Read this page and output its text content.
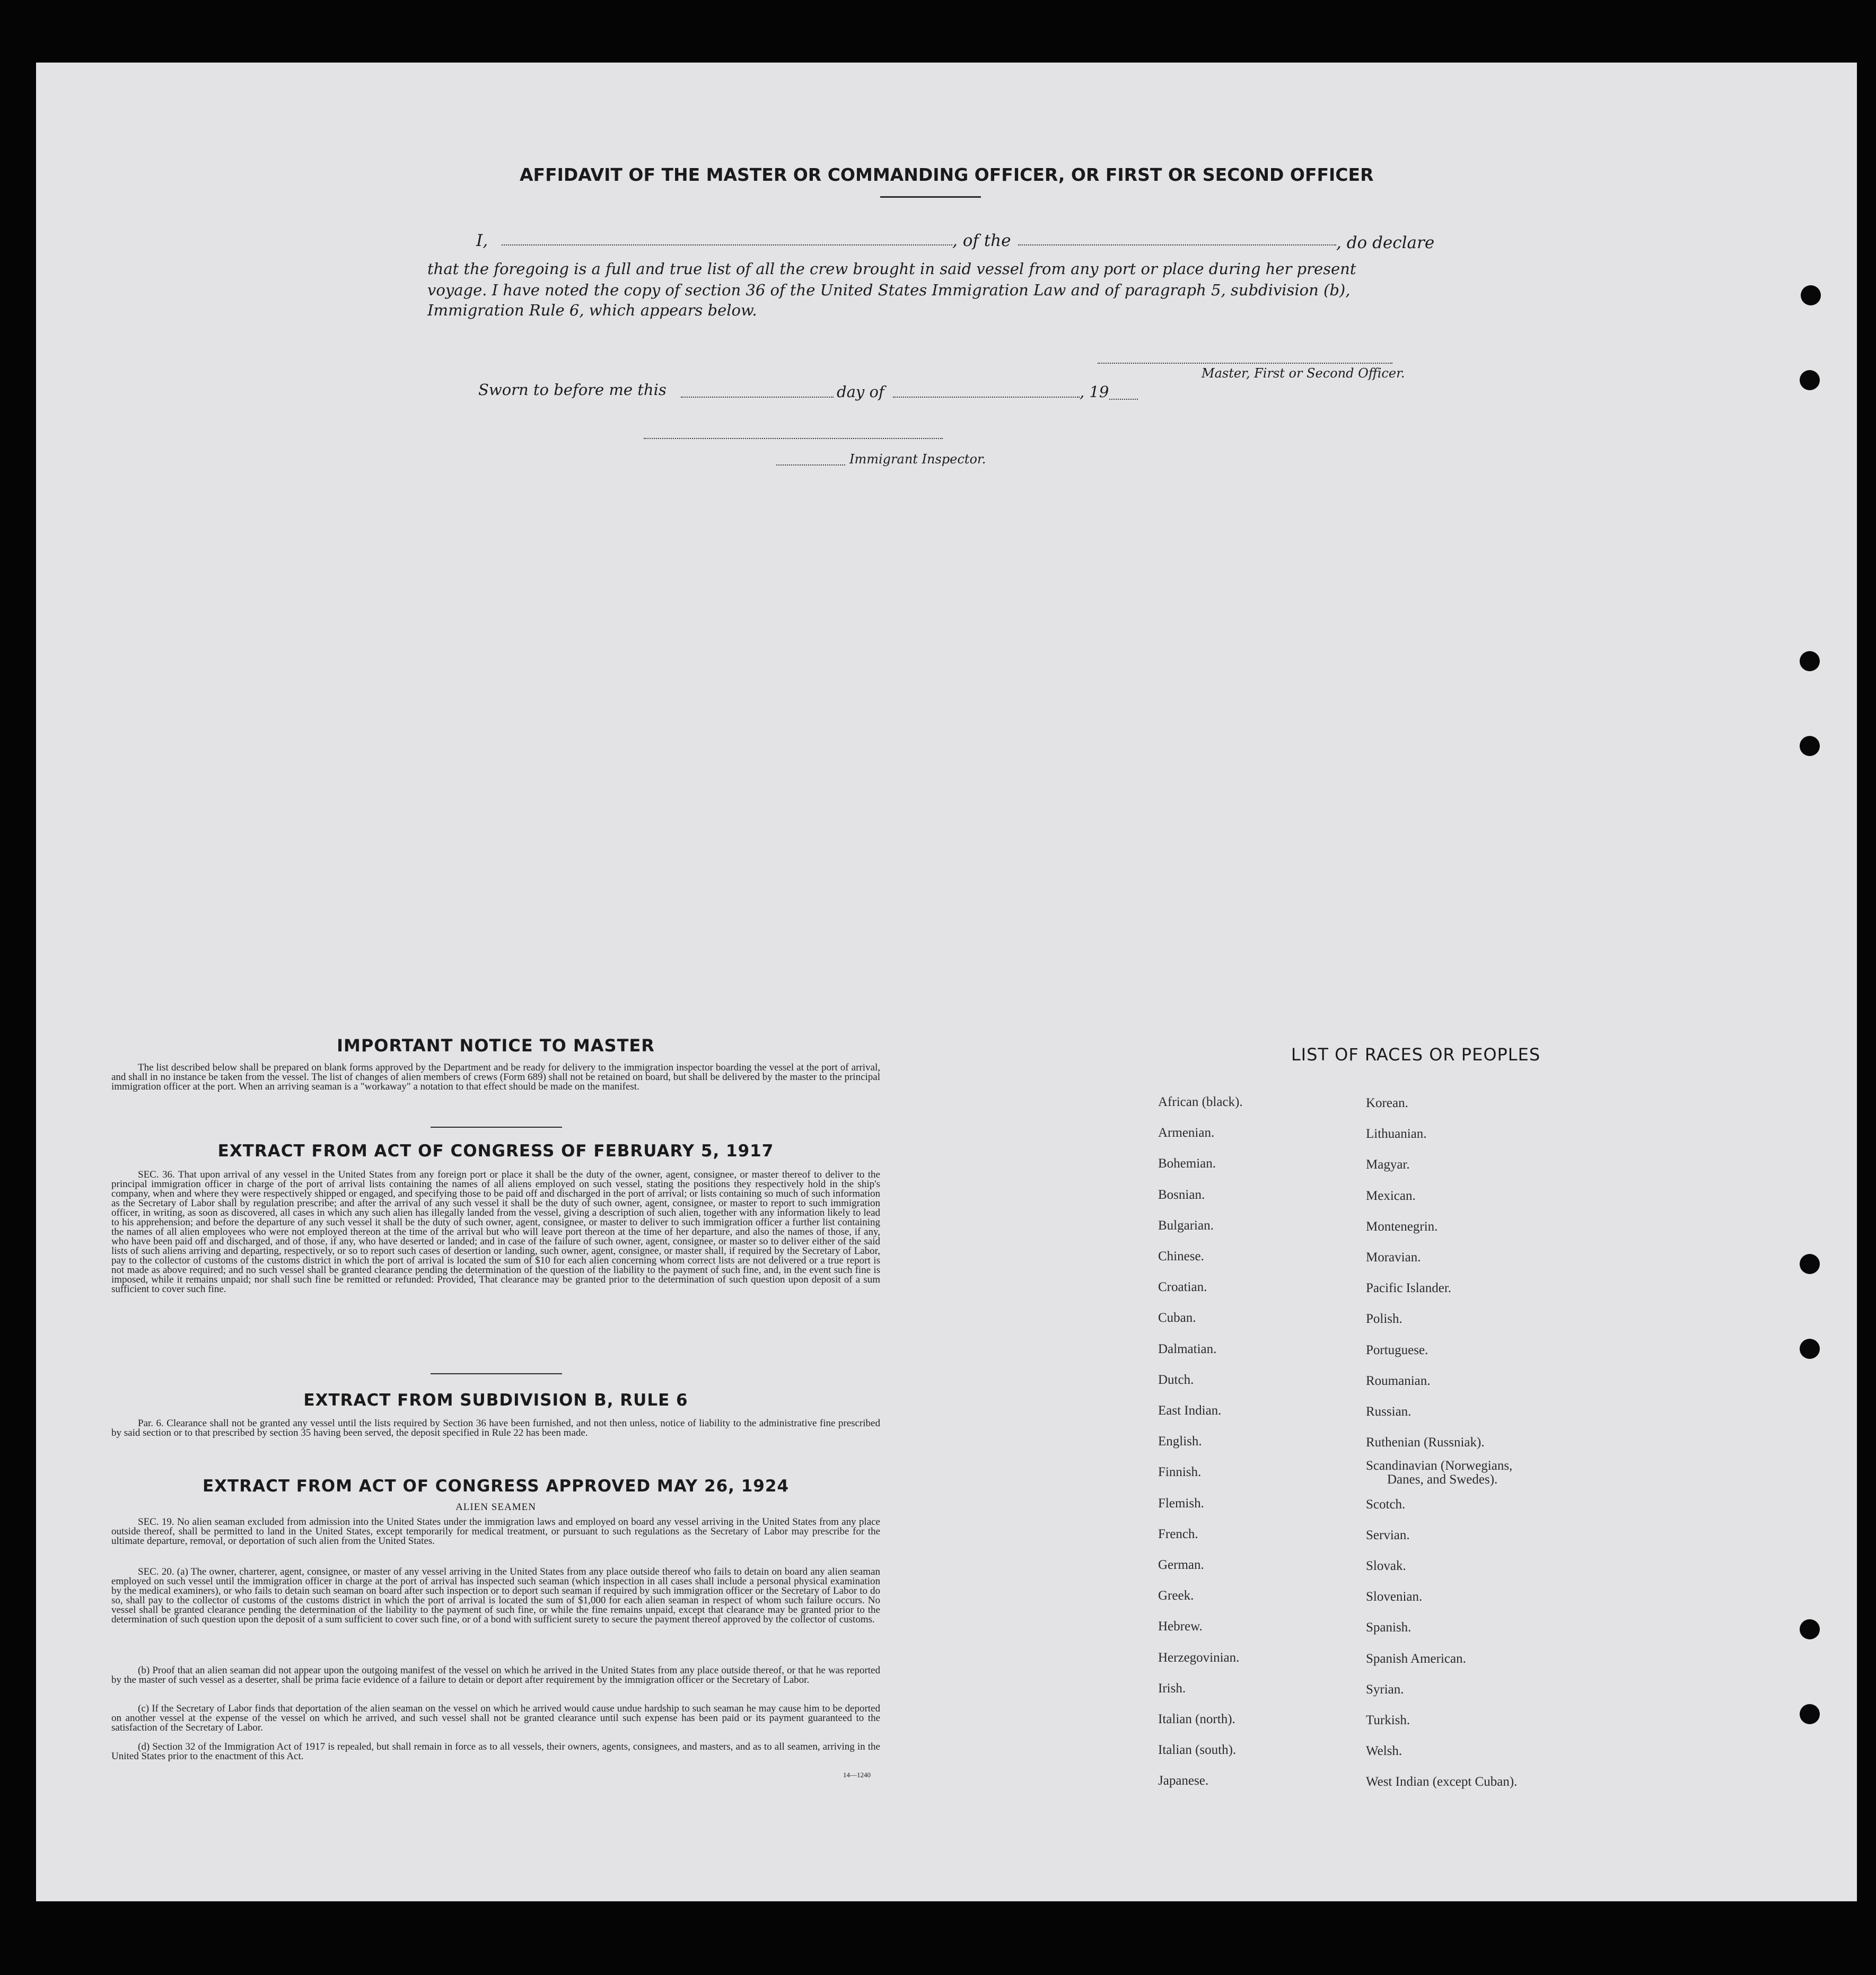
AFFIDAVIT OF THE MASTER OR COMMANDING OFFICER, OR FIRST OR SECOND OFFICER
I,	, of the	, do declare
that the foregoing is a full and true list of all the crew brought in said vessel from any port or place during her present
voyage. I have noted the copy of section 36 of the United States Immigration Law and of paragraph 5, subdivision (b),
Immigration Rule 6, which appears below.
Master, First or Second Officer.
Sworn to before me this	day of	, 19
Immigrant Inspector.
IMPORTANT NOTICE TO MASTER
The list described below shall be prepared on blank forms approved by the Department and be ready for delivery to the immigration inspector boarding the vessel at the port of arrival, and shall in no instance be taken from the vessel. The list of changes of alien members of crews (Form 689) shall not be retained on board, but shall be delivered by the master to the principal immigration officer at the port. When an arriving seaman is a "workaway" a notation to that effect should be made on the manifest.
EXTRACT FROM ACT OF CONGRESS OF FEBRUARY 5, 1917
SEC. 36. That upon arrival of any vessel in the United States from any foreign port or place it shall be the duty of the owner, agent, consignee, or master thereof to deliver to the principal immigration officer in charge of the port of arrival lists containing the names of all aliens employed on such vessel, stating the positions they respectively hold in the ship's company, when and where they were respectively shipped or engaged, and specifying those to be paid off and discharged in the port of arrival; or lists containing so much of such information as the Secretary of Labor shall by regulation prescribe; and after the arrival of any such vessel it shall be the duty of such owner, agent, consignee, or master to report to such immigration officer, in writing, as soon as discovered, all cases in which any such alien has illegally landed from the vessel, giving a description of such alien, together with any information likely to lead to his apprehension; and before the departure of any such vessel it shall be the duty of such owner, agent, consignee, or master to deliver to such immigration officer a further list containing the names of all alien employees who were not employed thereon at the time of the arrival but who will leave port thereon at the time of her departure, and also the names of those, if any, who have been paid off and discharged, and of those, if any, who have deserted or landed; and in case of the failure of such owner, agent, consignee, or master so to deliver either of the said lists of such aliens arriving and departing, respectively, or so to report such cases of desertion or landing, such owner, agent, consignee, or master shall, if required by the Secretary of Labor, pay to the collector of customs of the customs district in which the port of arrival is located the sum of $10 for each alien concerning whom correct lists are not delivered or a true report is not made as above required; and no such vessel shall be granted clearance pending the determination of the question of the liability to the payment of such fine, and, in the event such fine is imposed, while it remains unpaid; nor shall such fine be remitted or refunded: Provided, That clearance may be granted prior to the determination of such question upon deposit of a sum sufficient to cover such fine.
EXTRACT FROM SUBDIVISION B, RULE 6
Par. 6. Clearance shall not be granted any vessel until the lists required by Section 36 have been furnished, and not then unless, notice of liability to the administrative fine prescribed by said section or to that prescribed by section 35 having been served, the deposit specified in Rule 22 has been made.
EXTRACT FROM ACT OF CONGRESS APPROVED MAY 26, 1924
ALIEN SEAMEN
SEC. 19. No alien seaman excluded from admission into the United States under the immigration laws and employed on board any vessel arriving in the United States from any place outside thereof, shall be permitted to land in the United States, except temporarily for medical treatment, or pursuant to such regulations as the Secretary of Labor may prescribe for the ultimate departure, removal, or deportation of such alien from the United States.
SEC. 20. (a) The owner, charterer, agent, consignee, or master of any vessel arriving in the United States from any place outside thereof who fails to detain on board any alien seaman employed on such vessel until the immigration officer in charge at the port of arrival has inspected such seaman (which inspection in all cases shall include a personal physical examination by the medical examiners), or who fails to detain such seaman on board after such inspection or to deport such seaman if required by such immigration officer or the Secretary of Labor to do so, shall pay to the collector of customs of the customs district in which the port of arrival is located the sum of $1,000 for each alien seaman in respect of whom such failure occurs. No vessel shall be granted clearance pending the determination of the liability to the payment of such fine, or while the fine remains unpaid, except that clearance may be granted prior to the determination of such question upon the deposit of a sum sufficient to cover such fine, or of a bond with sufficient surety to secure the payment thereof approved by the collector of customs.
(b) Proof that an alien seaman did not appear upon the outgoing manifest of the vessel on which he arrived in the United States from any place outside thereof, or that he was reported by the master of such vessel as a deserter, shall be prima facie evidence of a failure to detain or deport after requirement by the immigration officer or the Secretary of Labor.
(c) If the Secretary of Labor finds that deportation of the alien seaman on the vessel on which he arrived would cause undue hardship to such seaman he may cause him to be deported on another vessel at the expense of the vessel on which he arrived, and such vessel shall not be granted clearance until such expense has been paid or its payment guaranteed to the satisfaction of the Secretary of Labor.
(d) Section 32 of the Immigration Act of 1917 is repealed, but shall remain in force as to all vessels, their owners, agents, consignees, and masters, and as to all seamen, arriving in the United States prior to the enactment of this Act.
14—1240
LIST OF RACES OR PEOPLES
African (black).
Armenian.
Bohemian.
Bosnian.
Bulgarian.
Chinese.
Croatian.
Cuban.
Dalmatian.
Dutch.
East Indian.
English.
Finnish.
Flemish.
French.
German.
Greek.
Hebrew.
Herzegovinian.
Irish.
Italian (north).
Italian (south).
Japanese.
Korean.
Lithuanian.
Magyar.
Mexican.
Montenegrin.
Moravian.
Pacific Islander.
Polish.
Portuguese.
Roumanian.
Russian.
Ruthenian (Russniak).
Scandinavian (Norwegians,
Danes, and Swedes).
Scotch.
Servian.
Slovak.
Slovenian.
Spanish.
Spanish American.
Syrian.
Turkish.
Welsh.
West Indian (except Cuban).
